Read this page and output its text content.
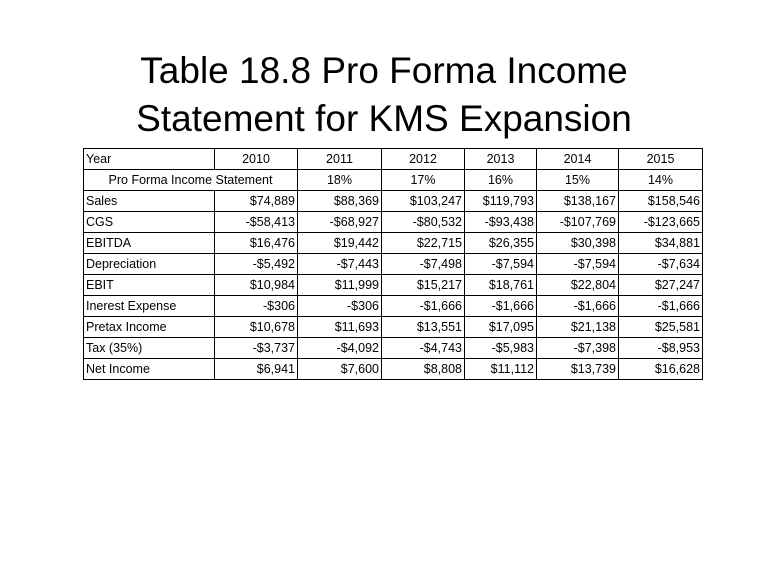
Table 18.8 Pro Forma Income
Statement for KMS Expansion
Year	2010	2011	2012	2013	2014	2015
Pro Forma Income Statement		18%	17%	16%	15%	14%
Sales	$74,889	$88,369	$103,247	$119,793	$138,167	$158,546
CGS	-$58,413	-$68,927	-$80,532	-$93,438	-$107,769	-$123,665
EBITDA	$16,476	$19,442	$22,715	$26,355	$30,398	$34,881
Depreciation	-$5,492	-$7,443	-$7,498	-$7,594	-$7,594	-$7,634
EBIT	$10,984	$11,999	$15,217	$18,761	$22,804	$27,247
Inerest Expense	-$306	-$306	-$1,666	-$1,666	-$1,666	-$1,666
Pretax Income	$10,678	$11,693	$13,551	$17,095	$21,138	$25,581
Tax (35%)	-$3,737	-$4,092	-$4,743	-$5,983	-$7,398	-$8,953
Net Income	$6,941	$7,600	$8,808	$11,112	$13,739	$16,628
